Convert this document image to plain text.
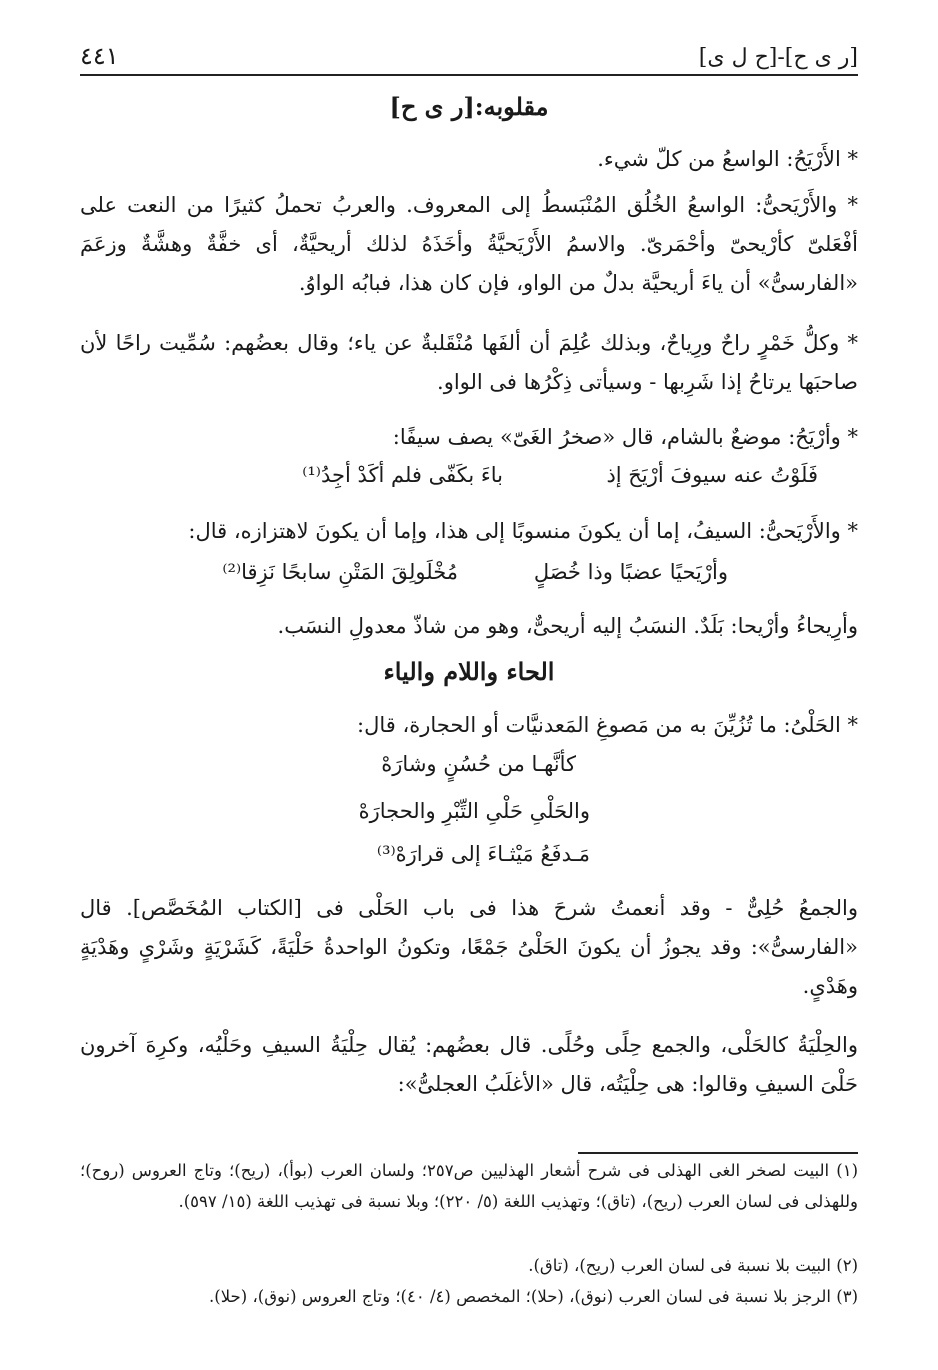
[ر ى ح]-[ح ل ى]
٤٤١
مقلوبه:[ر ى ح]
* الأَرْيَحُ: الواسعُ من كلّ شيء.
* والأَرْيَحىُّ: الواسعُ الخُلُق المُنْبَسطُ إلى المعروف. والعربُ تحملُ كثيرًا من النعت على أفْعَلىّ كأرْيحىّ وأحْمَرىّ. والاسمُ الأَرْيَحيَّةُ وأخَذَهُ لذلك أريحيَّةٌ، أى خفَّةٌ وهشَّةٌ وزعَمَ «الفارسىُّ» أن ياءَ أريحيَّة بدلٌ من الواو، فإن كان هذا، فبابُه الواوُ.
* وكلُّ خَمْرٍ راحٌ ورِياحٌ، وبذلك عُلِمَ أن ألفَها مُنْقَلبةٌ عن ياء؛ وقال بعضُهم: سُمِّيت راحًا لأن صاحبَها يرتاحُ إذا شَرِبها - وسيأتى ذِكْرُها فى الواو.
* وأرْيَحُ: موضعٌ بالشام، قال «صخرُ الغَىّ» يصف سيفًا:
فَلَوْتُ عنه سيوفَ أرْيَحَ إذ
باءَ بكَفّى فلم أكَدْ أجِدُ⁽¹⁾
* والأَرْيَحىُّ: السيفُ، إما أن يكونَ منسوبًا إلى هذا، وإما أن يكونَ لاهتزازه، قال:
وأرْيَحيًا عضبًا وذا خُصَلٍ
مُخْلَولِقَ المَتْنِ سابحًا نَزِقا⁽²⁾
وأرِيحاءُ وأرْيحا: بَلَدٌ. النسَبُ إليه أريحىٌّ، وهو من شاذّ معدولِ النسَب.
الحاء واللام والياء
* الحَلْىُ: ما تُزُيِّنَ به من مَصوغِ المَعدنيَّات أو الحجارة، قال:
كأنَّهـا من حُسُنٍ وشارَهْ
والحَلْىِ حَلْىِ التِّبْرِ والحجارَهْ
مَـدفَعُ مَيْثـاءَ إلى قرارَهْ⁽³⁾
والجمعُ حُلِىٌّ - وقد أنعمتُ شرحَ هذا فى باب الحَلْى فى [الكتاب المُخَصَّص]. قال «الفارسىُّ»: وقد يجوزُ أن يكونَ الحَلْىُ جَمْعًا، وتكونُ الواحدةُ حَلْيَةً، كَشَرْيَةٍ وشَرْىٍ وهَدْيَةٍ وهَدْىٍ.
والحِلْيَةُ كالحَلْى، والجمع حِلًى وحُلًى. قال بعضُهم: يُقال حِلْيَةُ السيفِ وحَلْيُه، وكرِهَ آخرون حَلْىَ السيفِ وقالوا: هى حِلْيَتُه، قال «الأغلَبُ العجلىُّ»:
(١) البيت لصخر الغى الهذلى فى شرح أشعار الهذليين ص٢٥٧؛ ولسان العرب (بوأ)، (ريح)؛ وتاج العروس (روح)؛ وللهذلى فى لسان العرب (ريح)، (تاق)؛ وتهذيب اللغة (٥/ ٢٢٠)؛ وبلا نسبة فى تهذيب اللغة (١٥/ ٥٩٧).
(٢) البيت بلا نسبة فى لسان العرب (ريح)، (تاق).
(٣) الرجز بلا نسبة فى لسان العرب (نوق)، (حلا)؛ المخصص (٤/ ٤٠)؛ وتاج العروس (نوق)، (حلا).
